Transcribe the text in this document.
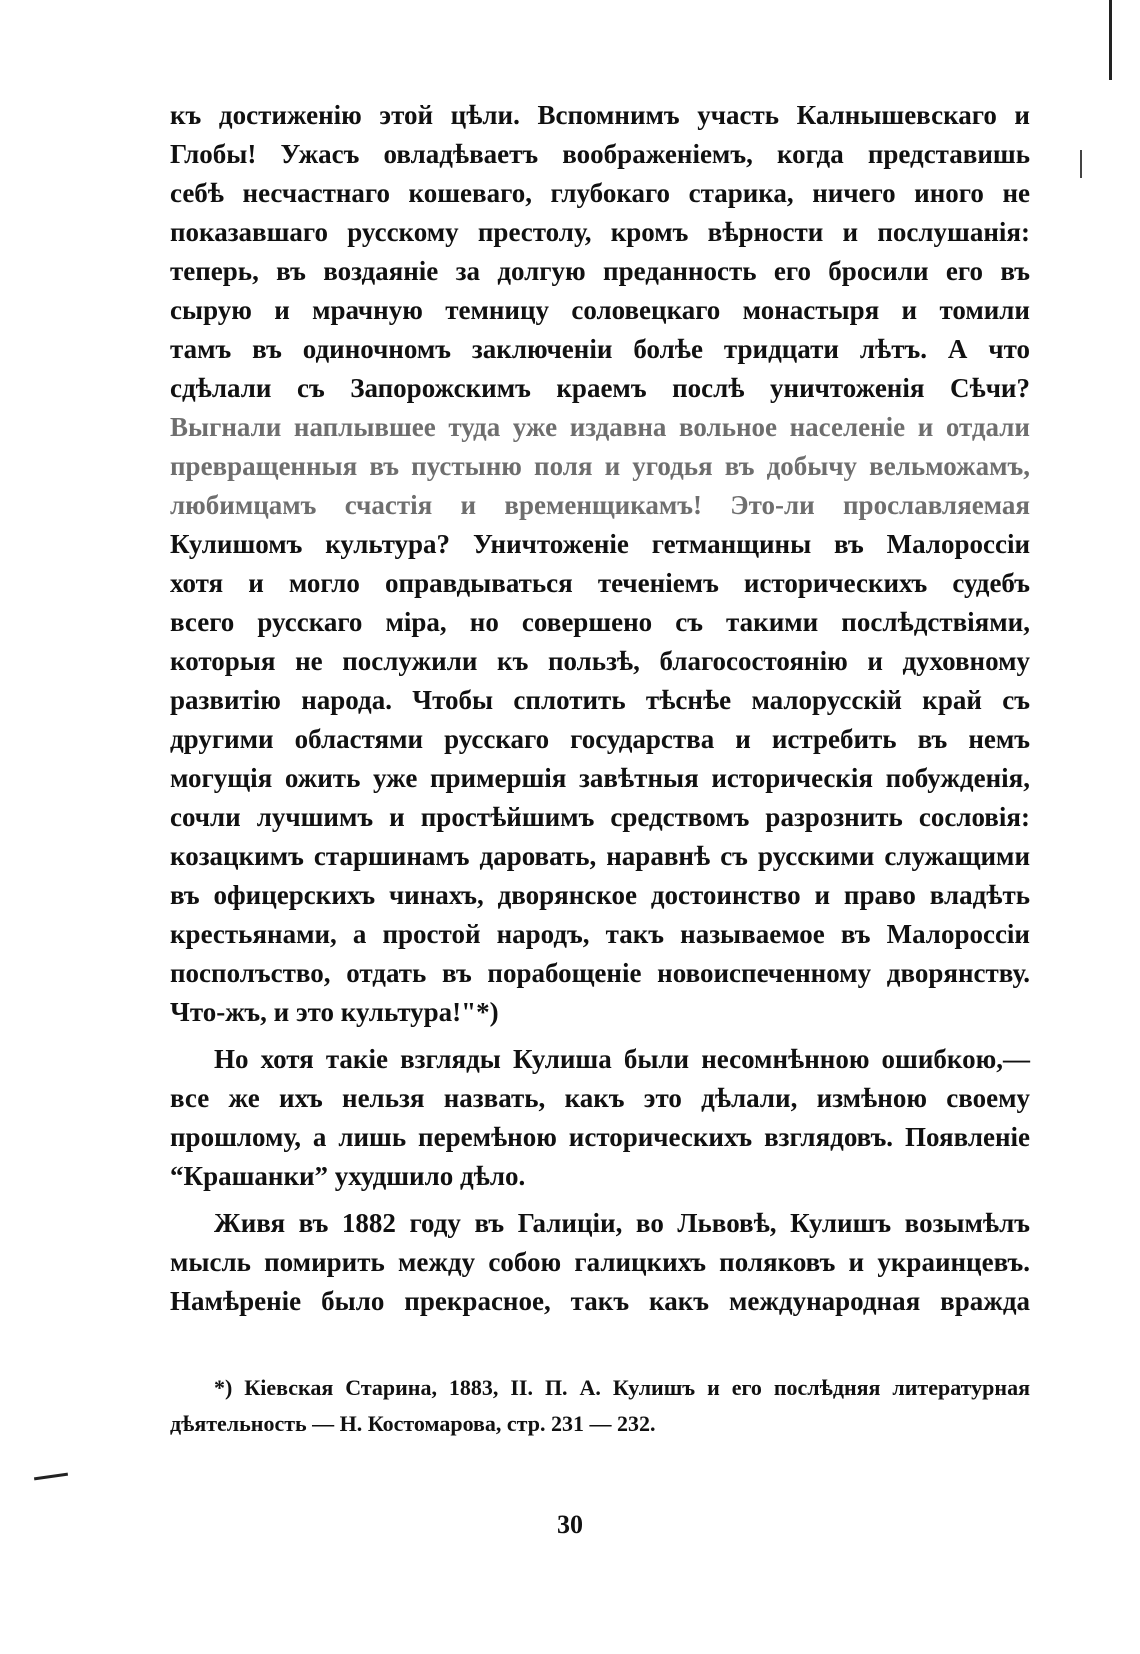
къ достиженію этой цѣли. Вспомнимъ участь Калнышевскаго и
Глобы! Ужасъ овладѣваетъ воображеніемъ, когда представишь
себѣ несчастнаго кошеваго, глубокаго старика, ничего иного не
показавшаго русскому престолу, кромъ вѣрности и послушанія:
теперь, въ воздаяніе за долгую преданность его бросили его въ
сырую и мрачную темницу соловецкаго монастыря и томили
тамъ въ одиночномъ заключеніи болѣе тридцати лѣтъ. А что
сдѣлали съ Запорожскимъ краемъ послѣ уничтоженія Сѣчи?
Выгнали наплывшее туда уже издавна вольное населеніе и отдали
превращенныя въ пустыню поля и угодья въ добычу вельможамъ,
любимцамъ счастія и временщикамъ! Это-ли прославляемая
Кулишомъ культура? Уничтоженіе гетманщины въ Малороссіи
хотя и могло оправдываться теченіемъ историческихъ судебъ
всего русскаго міра, но совершено съ такими послѣдствіями,
которыя не послужили къ пользѣ, благосостоянію и духовному
развитію народа. Чтобы сплотить тѣснѣе малорусскій край съ
другими областями русскаго государства и истребить въ немъ
могущія ожить уже примершія завѣтныя историческія побужденія,
сочли лучшимъ и простѣйшимъ средствомъ разрознить сословія:
козацкимъ старшинамъ даровать, наравнѣ съ русскими служащими
въ офицерскихъ чинахъ, дворянское достоинство и право владѣть
крестьянами, а простой народъ, такъ называемое въ Малороссіи
посполъство, отдать въ порабощеніе новоиспеченному дворянству.
Что-жъ, и это культура!"*)
Но хотя такіе взгляды Кулиша были несомнѣнною ошибкою,—
все же ихъ нельзя назвать, какъ это дѣлали, измѣною своему
прошлому, а лишь перемѣною историческихъ взглядовъ. Появленіе
“Крашанки” ухудшило дѣло.
Живя въ 1882 году въ Галиціи, во Львовѣ, Кулишъ возымѣлъ
мысль помирить между собою галицкихъ поляковъ и украинцевъ.
Намѣреніе было прекрасное, такъ какъ международная вражда
*) Кіевская Старина, 1883, II. П. А. Кулишъ и его послѣдняя литературная
дѣятельность — Н. Костомарова, стр. 231 — 232.
30
